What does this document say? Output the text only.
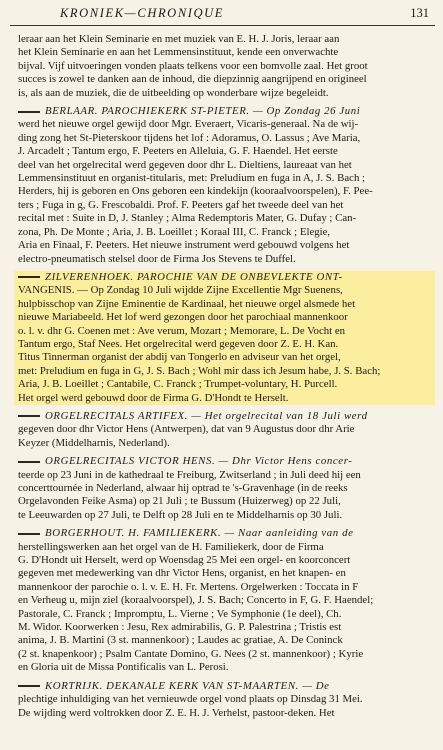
KRONIEK—CHRONIQUE	131
leraar aan het Klein Seminarie en met muziek van E. H. J. Joris, leraar aan
het Klein Seminarie en aan het Lemmensinstituut, kende een onverwachte
bijval. Vijf uitvoeringen vonden plaats telkens voor een bomvolle zaal. Het groot
succes is zowel te danken aan de inhoud, die diepzinnig aangrijpend en origineel
is, als aan de muziek, die de uitbeelding op wonderbare wijze begeleidt.
BERLAAR. PAROCHIEKERK ST-PIETER. — Op Zondag 26 Juni
werd het nieuwe orgel gewijd door Mgr. Everaert, Vicaris-generaal. Na de wij-
ding zong het St-Pieterskoor tijdens het lof : Adoramus, O. Lassus ; Ave Maria,
J. Arcadelt ; Tantum ergo, F. Peeters en Alleluia, G. F. Haendel. Het eerste
deel van het orgelrecital werd gegeven door dhr L. Dieltiens, laureaat van het
Lemmensinstituut en organist-titularis, met: Preludium en fuga in A, J. S. Bach ;
Herders, hij is geboren en Ons geboren een kindekijn (kooraalvoorspelen), F. Pee-
ters ; Fuga in g, G. Frescobaldi. Prof. F. Peeters gaf het tweede deel van het
recital met : Suite in D, J. Stanley ; Alma Redemptoris Mater, G. Dufay ; Can-
zona, Ph. De Monte ; Aria, J. B. Loeillet ; Koraal III, C. Franck ; Elegie,
Aria en Finaal, F. Peeters. Het nieuwe instrument werd gebouwd volgens het
electro-pneumatisch stelsel door de Firma Jos Stevens te Duffel.
ZILVERENHOEK. PAROCHIE VAN DE ONBEVLEKTE ONT-
VANGENIS. — Op Zondag 10 Juli wijdde Zijne Excellentie Mgr Suenens,
hulpbisschop van Zijne Eminentie de Kardinaal, het nieuwe orgel alsmede het
nieuwe Mariabeeld. Het lof werd gezongen door het parochiaal mannenkoor
o. l. v. dhr G. Coenen met : Ave verum, Mozart ; Memorare, L. De Vocht en
Tantum ergo, Staf Nees. Het orgelrecital werd gegeven door Z. E. H. Kan.
Titus Tinnerman organist der abdij van Tongerlo en adviseur van het orgel,
met: Preludium en fuga in G, J. S. Bach ; Wohl mir dass ich Jesum habe, J. S. Bach;
Aria, J. B. Loeillet ; Cantabile, C. Franck ; Trumpet-voluntary, H. Purcell.
Het orgel werd gebouwd door de Firma G. D'Hondt te Herselt.
ORGELRECITALS ARTIFEX. — Het orgelrecital van 18 Juli werd
gegeven door dhr Victor Hens (Antwerpen), dat van 9 Augustus door dhr Arie
Keyzer (Middelharnis, Nederland).
ORGELRECITALS VICTOR HENS. — Dhr Victor Hens concer-
teerde op 23 Juni in de kathedraal te Freiburg, Zwitserland ; in Juli deed hij een
concerttournée in Nederland, alwaar hij optrad te 's-Gravenhage (in de reeks
Orgelavonden Feike Asma) op 21 Juli ; te Bussum (Huizerweg) op 22 Juli,
te Leeuwarden op 27 Juli, te Delft op 28 Juli en te Middelharnis op 30 Juli.
BORGERHOUT. H. FAMILIEKERK. — Naar aanleiding van de
herstellingswerken aan het orgel van de H. Familiekerk, door de Firma
G. D'Hondt uit Herselt, werd op Woensdag 25 Mei een orgel- en koorconcert
gegeven met medewerking van dhr Victor Hens, organist, en het knapen- en
mannenkoor der parochie o. l. v. E. H. Fr. Mertens. Orgelwerken : Toccata in F
en Verheug u, mijn ziel (koraalvoorspel), J. S. Bach; Concerto in F, G. F. Haendel;
Pastorale, C. Franck ; Impromptu, L. Vierne ; Ve Symphonie (1e deel), Ch.
M. Widor. Koorwerken : Jesu, Rex admirabilis, G. P. Palestrina ; Tristis est
anima, J. B. Martini (3 st. mannenkoor) ; Laudes ac gratiae, A. De Coninck
(2 st. knapenkoor) ; Psalm Cantate Domino, G. Nees (2 st. mannenkoor) ; Kyrie
en Gloria uit de Missa Pontificalis van L. Perosi.
KORTRIJK. DEKANALE KERK VAN ST-MAARTEN. — De
plechtige inhuldiging van het vernieuwde orgel vond plaats op Dinsdag 31 Mei.
De wijding werd voltrokken door Z. E. H. J. Verhelst, pastoor-deken. Het
